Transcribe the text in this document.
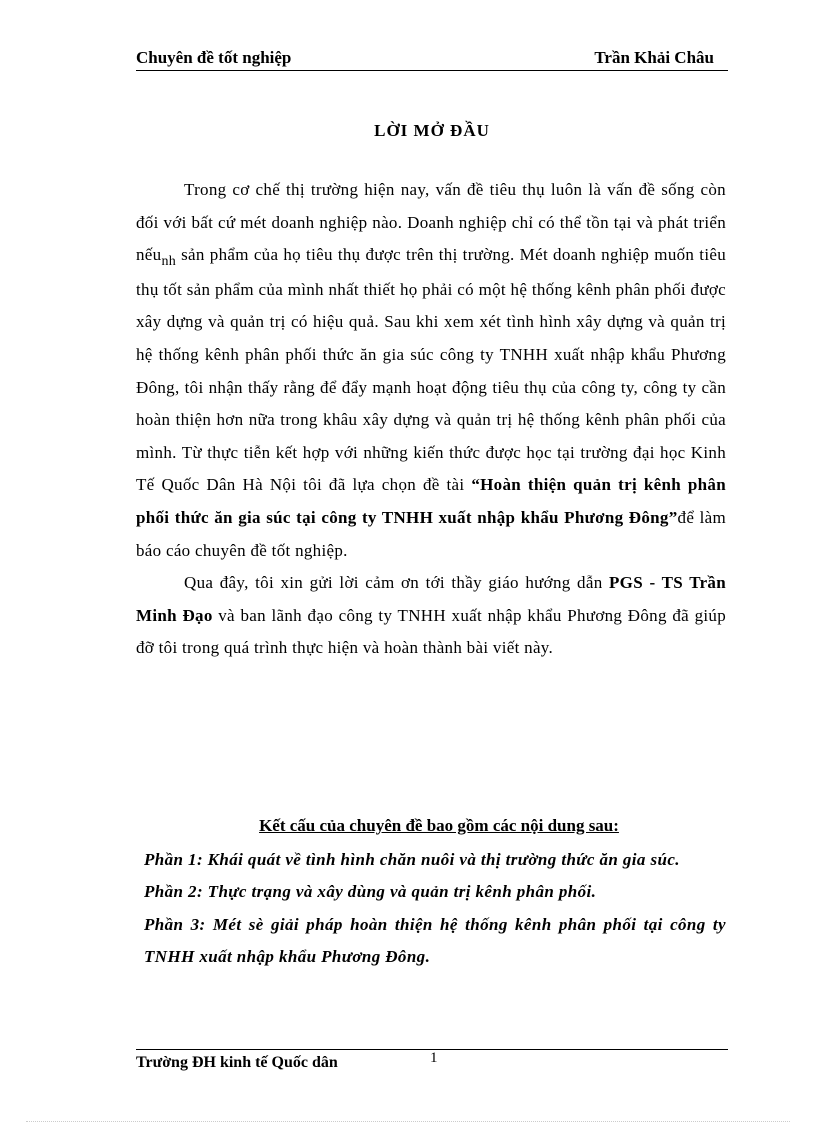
Chuyên đề tốt nghiệp	Trần Khải Châu
LỜI MỞ ĐẦU

Trong cơ chế thị trường hiện nay, vấn đề tiêu thụ luôn là vấn đề sống còn đối với bất cứ mét doanh nghiệp nào. Doanh nghiệp chỉ có thể tồn tại và phát triển nếu$_{nh}$ sản phẩm của họ tiêu thụ được trên thị trường. Mét doanh nghiệp muốn tiêu thụ tốt sản phẩm của mình nhất thiết họ phải có một hệ thống kênh phân phối được xây dựng và quản trị có hiệu quả. Sau khi xem xét tình hình xây dựng và quản trị hệ thống kênh phân phối thức ăn gia súc công ty TNHH xuất nhập khẩu Phương Đông, tôi nhận thấy rằng để đẩy mạnh hoạt động tiêu thụ của công ty, công ty cần hoàn thiện hơn nữa trong khâu xây dựng và quản trị hệ thống kênh phân phối của mình. Từ thực tiễn kết hợp với những kiến thức được học tại trường đại học Kinh Tế Quốc Dân Hà Nội tôi đã lựa chọn đề tài “Hoàn thiện quản trị kênh phân phối thức ăn gia súc tại công ty TNHH xuất nhập khẩu Phương Đông”để làm báo cáo chuyên đề tốt nghiệp.

Qua đây, tôi xin gửi lời cảm ơn tới thầy giáo hướng dẫn PGS - TS Trần Minh Đạo và ban lãnh đạo công ty TNHH xuất nhập khẩu Phương Đông đã giúp đỡ tôi trong quá trình thực hiện và hoàn thành bài viết này.

Kết cấu của chuyên đề bao gồm các nội dung sau:

Phần 1: Khái quát về tình hình chăn nuôi và thị trường thức ăn gia súc.

Phần 2: Thực trạng và xây dùng và quản trị kênh phân phối.

Phần 3: Mét sè giải pháp hoàn thiện hệ thống kênh phân phối tại công ty TNHH xuất nhập khẩu Phương Đông.

Trường ĐH kinh tế Quốc dân	1
